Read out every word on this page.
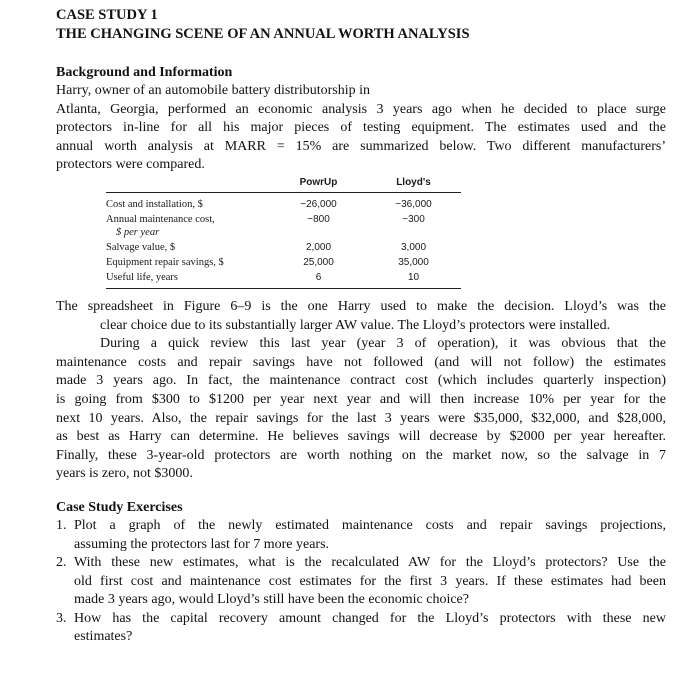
CASE STUDY 1

THE CHANGING SCENE OF AN ANNUAL WORTH ANALYSIS

Background and Information

Harry, owner of an automobile battery distributorship in
Atlanta, Georgia, performed an economic analysis 3 years ago when he decided to place surge
protectors in-line for all his major pieces of testing equipment. The estimates used and the
annual worth analysis at MARR = 15% are summarized below. Two different manufacturers’
protectors were compared.
	PowrUp	Lloyd's
Cost and installation, $	−26,000	−36,000

Annual maintenance cost,
$ per year	−800	−300
Salvage value, $	2,000	3,000
Equipment repair savings, $	25,000	35,000
Useful life, years	6	10
The spreadsheet in Figure 6–9 is the one Harry used to make the decision. Lloyd’s was the
clear choice due to its substantially larger AW value. The Lloyd’s protectors were installed.
During a quick review this last year (year 3 of operation), it was obvious that the
maintenance costs and repair savings have not followed (and will not follow) the estimates
made 3 years ago. In fact, the maintenance contract cost (which includes quarterly inspection)
is going from $300 to $1200 per year next year and will then increase 10% per year for the
next 10 years. Also, the repair savings for the last 3 years were $35,000, $32,000, and $28,000,
as best as Harry can determine. He believes savings will decrease by $2000 per year hereafter.
Finally, these 3-year-old protectors are worth nothing on the market now, so the salvage in 7
years is zero, not $3000.

Case Study Exercises

1. Plot a graph of the newly estimated maintenance costs and repair savings projections,
assuming the protectors last for 7 more years.
2. With these new estimates, what is the recalculated AW for the Lloyd’s protectors? Use the
old first cost and maintenance cost estimates for the first 3 years. If these estimates had been
made 3 years ago, would Lloyd’s still have been the economic choice?
3. How has the capital recovery amount changed for the Lloyd’s protectors with these new
estimates?
